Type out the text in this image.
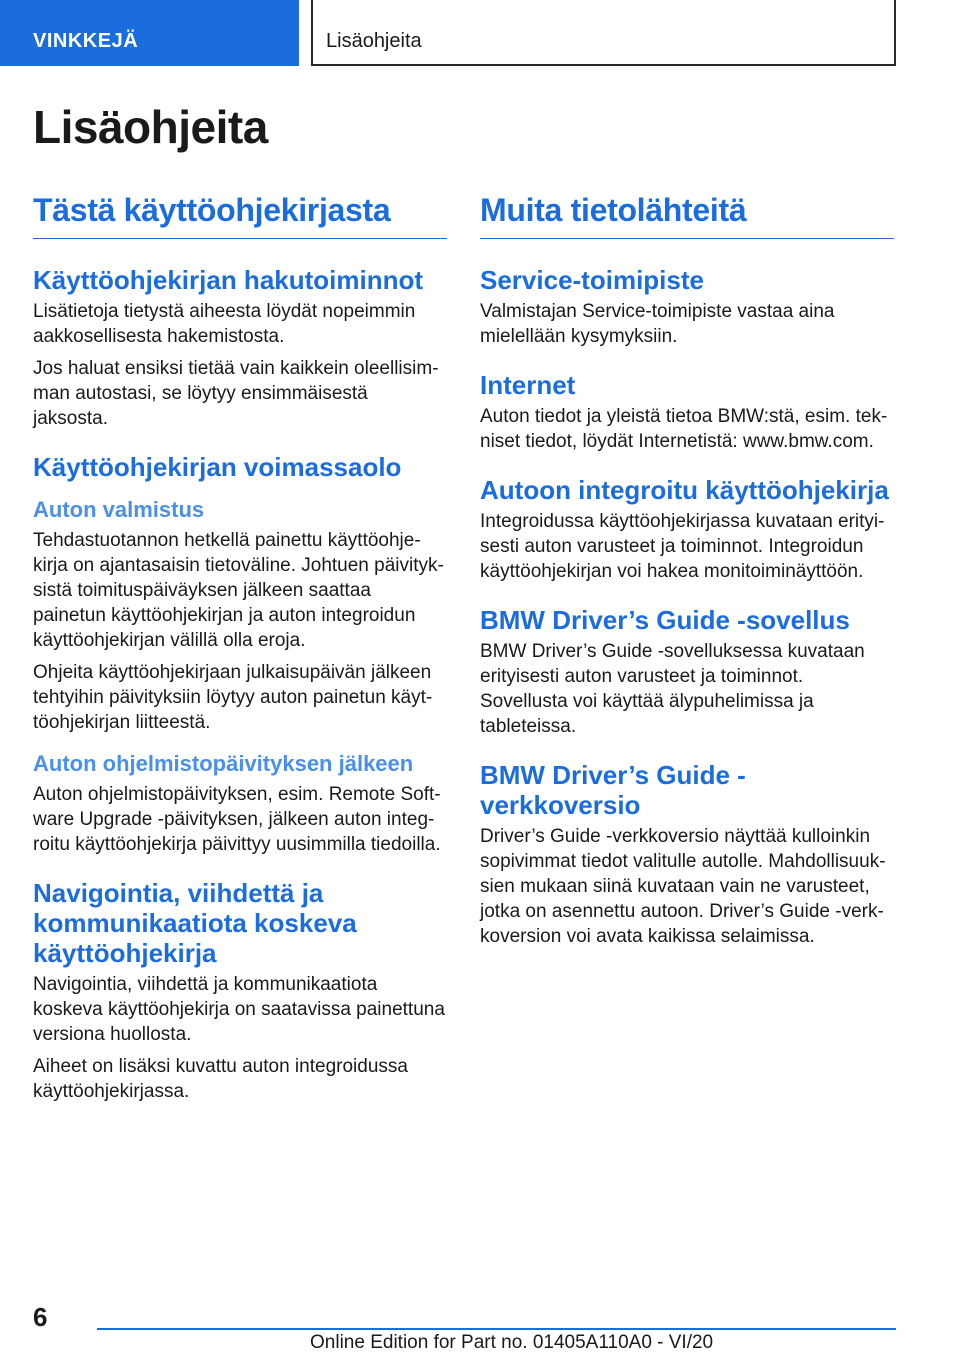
VINKKEJÄ	Lisäohjeita
Lisäohjeita
Tästä käyttöohjekirjasta
Käyttöohjekirjan hakutoiminnot

Lisätietoja tietystä aiheesta löydät nopeimmin aakkosellisesta hakemistosta.

Jos haluat ensiksi tietää vain kaikkein oleellisimman autostasi, se löytyy ensimmäisestä jaksosta.

Käyttöohjekirjan voimassaolo
Auton valmistus

Tehdastuotannon hetkellä painettu käyttöohjekirja on ajantasaisin tietoväline. Johtuen päivityksistä toimituspäiväyksen jälkeen saattaa painetun käyttöohjekirjan ja auton integroidun käyttöohjekirjan välillä olla eroja.

Ohjeita käyttöohjekirjaan julkaisupäivän jälkeen tehtyihin päivityksiin löytyy auton painetun käyttöohjekirjan liitteestä.

Auton ohjelmistopäivityksen jälkeen

Auton ohjelmistopäivityksen, esim. Remote Software Upgrade -päivityksen, jälkeen auton integroitu käyttöohjekirja päivittyy uusimmilla tiedoilla.

Navigointia, viihdettä ja kommunikaatiota koskeva käyttöohjekirja

Navigointia, viihdettä ja kommunikaatiota koskeva käyttöohjekirja on saatavissa painettuna versiona huollosta.

Aiheet on lisäksi kuvattu auton integroidussa käyttöohjekirjassa.

Muita tietolähteitä
Service-toimipiste

Valmistajan Service-toimipiste vastaa aina mielellään kysymyksiin.

Internet

Auton tiedot ja yleistä tietoa BMW:stä, esim. tekniset tiedot, löydät Internetistä: www.bmw.com.

Autoon integroitu käyttöohjekirja

Integroidussa käyttöohjekirjassa kuvataan erityisesti auton varusteet ja toiminnot. Integroidun käyttöohjekirjan voi hakea monitoiminäyttöön.

BMW Driver’s Guide -sovellus

BMW Driver’s Guide -sovelluksessa kuvataan erityisesti auton varusteet ja toiminnot. Sovellusta voi käyttää älypuhelimissa ja tableteissa.

BMW Driver’s Guide - verkkoversio

Driver’s Guide -verkkoversio näyttää kulloinkin sopivimmat tiedot valitulle autolle. Mahdollisuuksien mukaan siinä kuvataan vain ne varusteet, jotka on asennettu autoon. Driver’s Guide -verkkoversion voi avata kaikissa selaimissa.

6
Online Edition for Part no. 01405A110A0 - VI/20
